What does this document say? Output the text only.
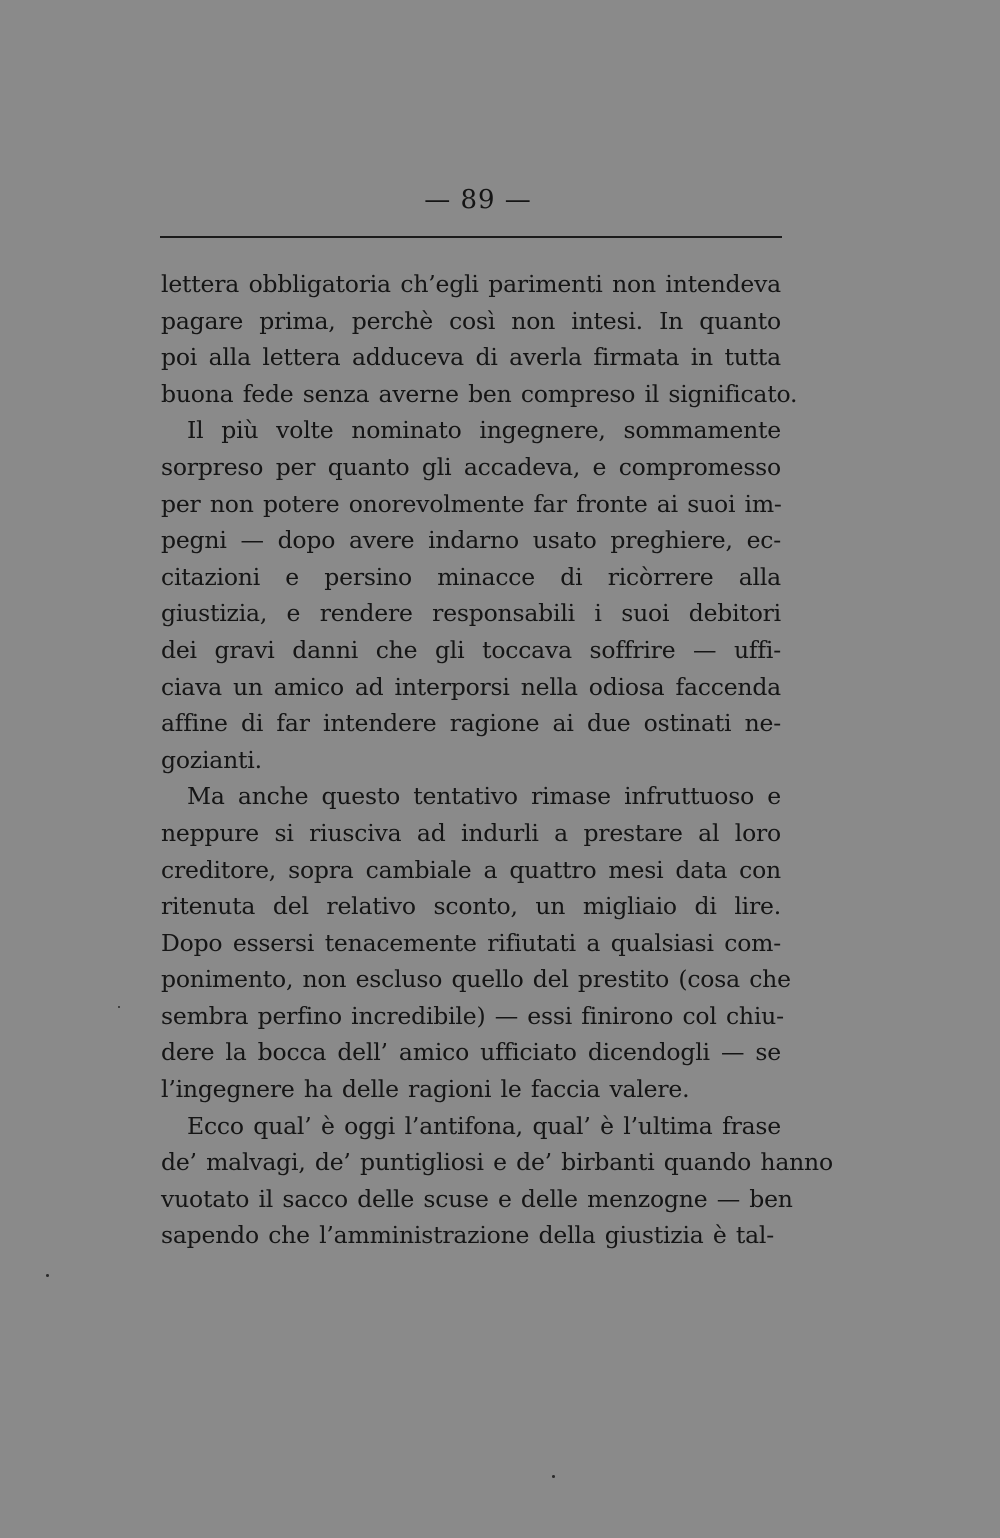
— 89 —
lettera obbligatoria ch’egli parimenti non intendeva
pagare prima, perchè così non intesi. In quanto
poi alla lettera adduceva di averla firmata in tutta
buona fede senza averne ben compreso il significato.
Il più volte nominato ingegnere, sommamente
sorpreso per quanto gli accadeva, e compromesso
per non potere onorevolmente far fronte ai suoi im-
pegni — dopo avere indarno usato preghiere, ec-
citazioni e persino minacce di ricòrrere alla
giustizia, e rendere responsabili i suoi debitori
dei gravi danni che gli toccava soffrire — uffi-
ciava un amico ad interporsi nella odiosa faccenda
affine di far intendere ragione ai due ostinati ne-
gozianti.
Ma anche questo tentativo rimase infruttuoso e
neppure si riusciva ad indurli a prestare al loro
creditore, sopra cambiale a quattro mesi data con
ritenuta del relativo sconto, un migliaio di lire.
Dopo essersi tenacemente rifiutati a qualsiasi com-
ponimento, non escluso quello del prestito (cosa che
sembra perfino incredibile) — essi finirono col chiu-
dere la bocca dell’ amico ufficiato dicendogli — se
l’ingegnere ha delle ragioni le faccia valere.
Ecco qual’ è oggi l’antifona, qual’ è l’ultima frase
de’ malvagi, de’ puntigliosi e de’ birbanti quando hanno
vuotato il sacco delle scuse e delle menzogne — ben
sapendo che l’amministrazione della giustizia è tal-
